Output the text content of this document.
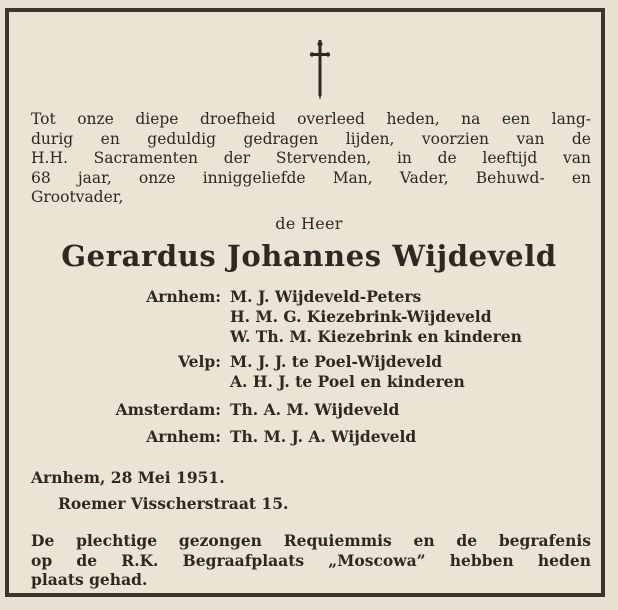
Tot onze diepe droefheid overleed heden, na een lang-
durig en geduldig gedragen lijden, voorzien van de
H.H. Sacramenten der Stervenden, in de leeftijd van
68 jaar, onze inniggeliefde Man, Vader, Behuwd- en
Grootvader,
de Heer
Gerardus Johannes Wijdeveld
Arnhem: M. J. Wijdeveld-Peters
H. M. G. Kiezebrink-Wijdeveld
W. Th. M. Kiezebrink en kinderen
Velp: M. J. J. te Poel-Wijdeveld
A. H. J. te Poel en kinderen
Amsterdam: Th. A. M. Wijdeveld
Arnhem: Th. M. J. A. Wijdeveld
Arnhem, 28 Mei 1951.
Roemer Visscherstraat 15.
De plechtige gezongen Requiemmis en de begrafenis
op de R.K. Begraafplaats „Moscowa” hebben heden
plaats gehad.
